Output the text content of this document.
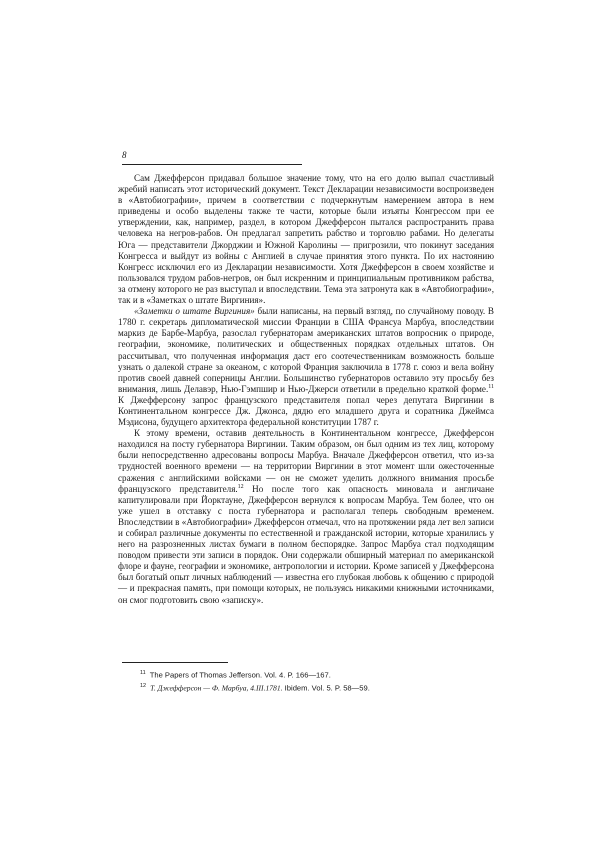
8

Сам Джефферсон придавал большое значение тому, что на его долю выпал счастливый жребий написать этот исторический документ. Текст Декларации независимости воспроизведен в «Автобиографии», причем в соответствии с подчеркнутым намерением автора в нем приведены и особо выделены также те части, которые были изъяты Конгрессом при ее утверждении, как, например, раздел, в котором Джефферсон пытался распространить права человека на негров-рабов. Он предлагал запретить рабство и торговлю рабами. Но делегаты Юга — представители Джорджии и Южной Каролины — пригрозили, что покинут заседания Конгресса и выйдут из войны с Англией в случае принятия этого пункта. По их настоянию Конгресс исключил его из Декларации независимости. Хотя Джефферсон в своем хозяйстве и пользовался трудом рабов-негров, он был искренним и принципиальным противником рабства, за отмену которого не раз выступал и впоследствии. Тема эта затронута как в «Автобиографии», так и в «Заметках о штате Виргиния».

«Заметки о штате Виргиния» были написаны, на первый взгляд, по случайному поводу. В 1780 г. секретарь дипломатической миссии Франции в США Франсуа Марбуа, впоследствии маркиз де Барбе-Марбуа, разослал губернаторам американских штатов вопросник о природе, географии, экономике, политических и общественных порядках отдельных штатов. Он рассчитывал, что полученная информация даст его соотечественникам возможность больше узнать о далекой стране за океаном, с которой Франция заключила в 1778 г. союз и вела войну против своей давней соперницы Англии. Большинство губернаторов оставило эту просьбу без внимания, лишь Делавэр, Нью-Гэмпшир и Нью-Джерси ответили в предельно краткой форме.$^{11}$ К Джефферсону запрос французского представителя попал через депутата Виргинии в Континентальном конгрессе Дж. Джонса, дядю его младшего друга и соратника Джеймса Мэдисона, будущего архитектора федеральной конституции 1787 г.

К этому времени, оставив деятельность в Континентальном конгрессе, Джефферсон находился на посту губернатора Виргинии. Таким образом, он был одним из тех лиц, которому были непосредственно адресованы вопросы Марбуа. Вначале Джефферсон ответил, что из-за трудностей военного времени — на территории Виргинии в этот момент шли ожесточенные сражения с английскими войсками — он не сможет уделить должного внимания просьбе французского представителя.$^{12}$ Но после того как опасность миновала и англичане капитулировали при Йорктауне, Джефферсон вернулся к вопросам Марбуа. Тем более, что он уже ушел в отставку с поста губернатора и располагал теперь свободным временем. Впоследствии в «Автобиографии» Джефферсон отмечал, что на протяжении ряда лет вел записи и собирал различные документы по естественной и гражданской истории, которые хранились у него на разрозненных листах бумаги в полном беспорядке. Запрос Марбуа стал подходящим поводом привести эти записи в порядок. Они содержали обширный материал по американской флоре и фауне, географии и экономике, антропологии и истории. Кроме записей у Джефферсона был богатый опыт личных наблюдений — известна его глубокая любовь к общению с природой — и прекрасная память, при помощи которых, не пользуясь никакими книжными источниками, он смог подготовить свою «записку».

$^{11}$ The Papers of Thomas Jefferson. Vol. 4. P. 166—167.

$^{12}$ Т. Джефферсон — Ф. Марбуа, 4.III.1781. Ibidem. Vol. 5. P. 58—59.
